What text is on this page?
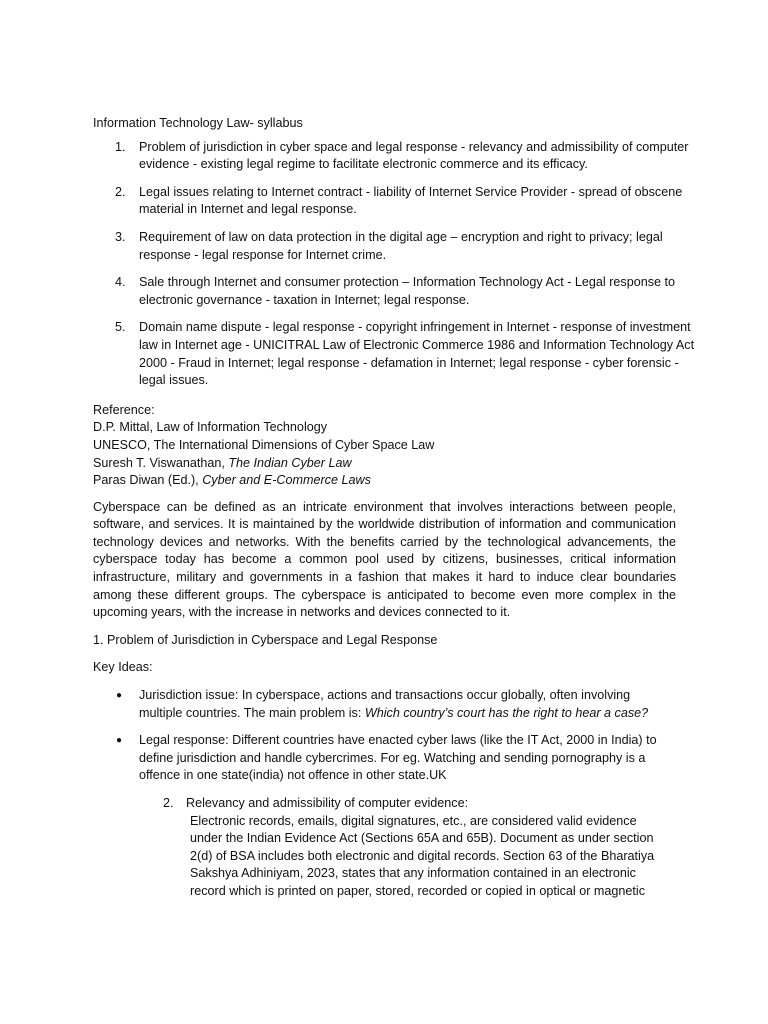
Information Technology Law- syllabus
1. Problem of jurisdiction in cyber space and legal response - relevancy and admissibility of computer evidence - existing legal regime to facilitate electronic commerce and its efficacy.
2. Legal issues relating to Internet contract - liability of Internet Service Provider - spread of obscene material in Internet and legal response.
3. Requirement of law on data protection in the digital age – encryption and right to privacy; legal response - legal response for Internet crime.
4. Sale through Internet and consumer protection – Information Technology Act - Legal response to electronic governance - taxation in Internet; legal response.
5. Domain name dispute - legal response - copyright infringement in Internet - response of investment law in Internet age - UNICITRAL Law of Electronic Commerce 1986 and Information Technology Act 2000 - Fraud in Internet; legal response - defamation in Internet; legal response - cyber forensic - legal issues.
Reference:
D.P. Mittal, Law of Information Technology
UNESCO, The International Dimensions of Cyber Space Law
Suresh T. Viswanathan, The Indian Cyber Law
Paras Diwan (Ed.), Cyber and E-Commerce Laws

Cyberspace can be defined as an intricate environment that involves interactions between people, software, and services. It is maintained by the worldwide distribution of information and communication technology devices and networks. With the benefits carried by the technological advancements, the cyberspace today has become a common pool used by citizens, businesses, critical information infrastructure, military and governments in a fashion that makes it hard to induce clear boundaries among these different groups. The cyberspace is anticipated to become even more complex in the upcoming years, with the increase in networks and devices connected to it.

1. Problem of Jurisdiction in Cyberspace and Legal Response
Key Ideas:
● Jurisdiction issue: In cyberspace, actions and transactions occur globally, often involving multiple countries. The main problem is: Which country’s court has the right to hear a case?
● Legal response: Different countries have enacted cyber laws (like the IT Act, 2000 in India) to define jurisdiction and handle cybercrimes. For eg. Watching and sending pornography is a offence in one state(india) not offence in other state.UK
2. Relevancy and admissibility of computer evidence:
Electronic records, emails, digital signatures, etc., are considered valid evidence under the Indian Evidence Act (Sections 65A and 65B). Document as under section 2(d) of BSA includes both electronic and digital records. Section 63 of the Bharatiya Sakshya Adhiniyam, 2023, states that any information contained in an electronic record which is printed on paper, stored, recorded or copied in optical or magnetic
